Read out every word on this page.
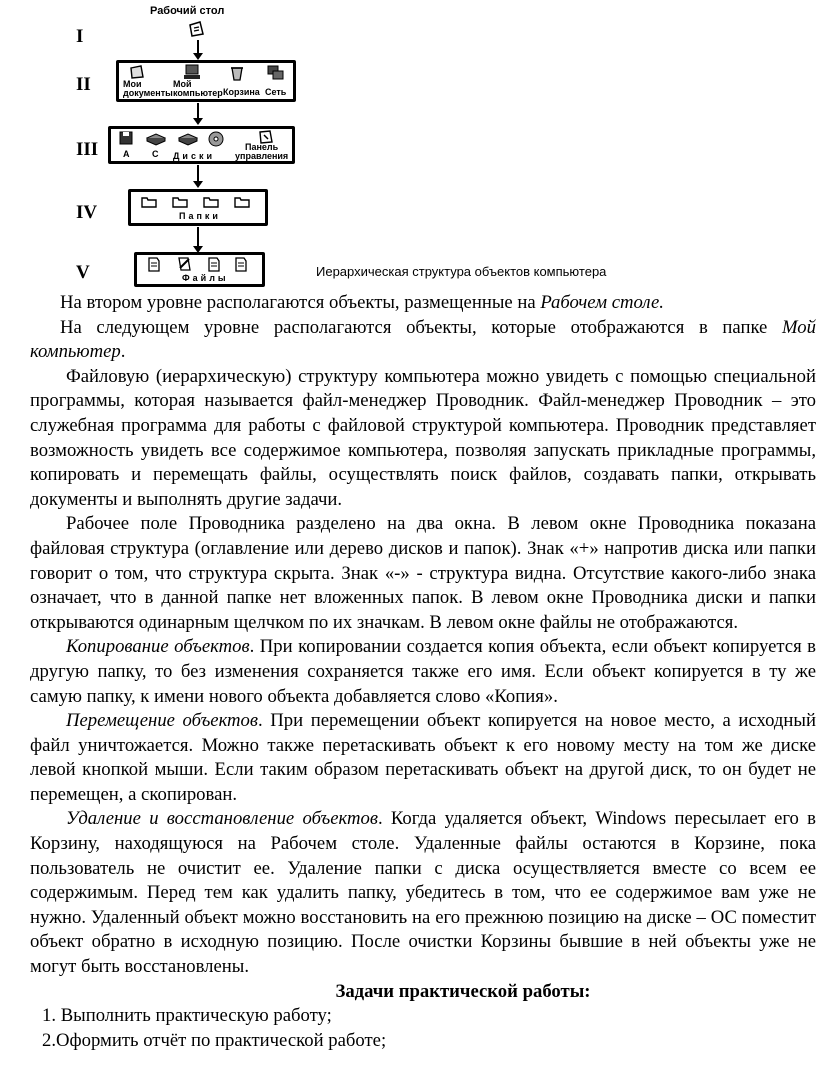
I
II
III
IV
V
Рабочий стол
Мои
документы
Мой
компьютер Корзина Сеть
А	С Диски
Панель
управления
Папки
Файлы	Иерархическая структура объектов компьютера

На втором уровне располагаются объекты, размещенные на Рабочем столе.

На следующем уровне располагаются объекты, которые отображаются в папке Мой компьютер.

Файловую (иерархическую) структуру компьютера можно увидеть с помощью специальной программы, которая называется файл-менеджер Проводник. Файл-менеджер Проводник – это служебная программа для работы с файловой структурой компьютера. Проводник представляет возможность увидеть все содержимое компьютера, позволяя запускать прикладные программы, копировать и перемещать файлы, осуществлять поиск файлов, создавать папки, открывать документы и выполнять другие задачи.

Рабочее поле Проводника разделено на два окна. В левом окне Проводника показана файловая структура (оглавление или дерево дисков и папок). Знак «+» напротив диска или папки говорит о том, что структура скрыта. Знак «-» - структура видна. Отсутствие какого-либо знака означает, что в данной папке нет вложенных папок. В левом окне Проводника диски и папки открываются одинарным щелчком по их значкам. В левом окне файлы не отображаются.

Копирование объектов. При копировании создается копия объекта, если объект копируется в другую папку, то без изменения сохраняется также его имя. Если объект копируется в ту же самую папку, к имени нового объекта добавляется слово «Копия».

Перемещение объектов. При перемещении объект копируется на новое место, а исходный файл уничтожается. Можно также перетаскивать объект к его новому месту на том же диске левой кнопкой мыши. Если таким образом перетаскивать объект на другой диск, то он будет не перемещен, а скопирован.

Удаление и восстановление объектов. Когда удаляется объект, Windows пересылает его в Корзину, находящуюся на Рабочем столе. Удаленные файлы остаются в Корзине, пока пользователь не очистит ее. Удаление папки с диска осуществляется вместе со всем ее содержимым. Перед тем как удалить папку, убедитесь в том, что ее содержимое вам уже не нужно. Удаленный объект можно восстановить на его прежнюю позицию на диске – ОС поместит объект обратно в исходную позицию. После очистки Корзины бывшие в ней объекты уже не могут быть восстановлены.

Задачи практической работы:

1. Выполнить практическую работу;

2.Оформить отчёт по практической работе;
